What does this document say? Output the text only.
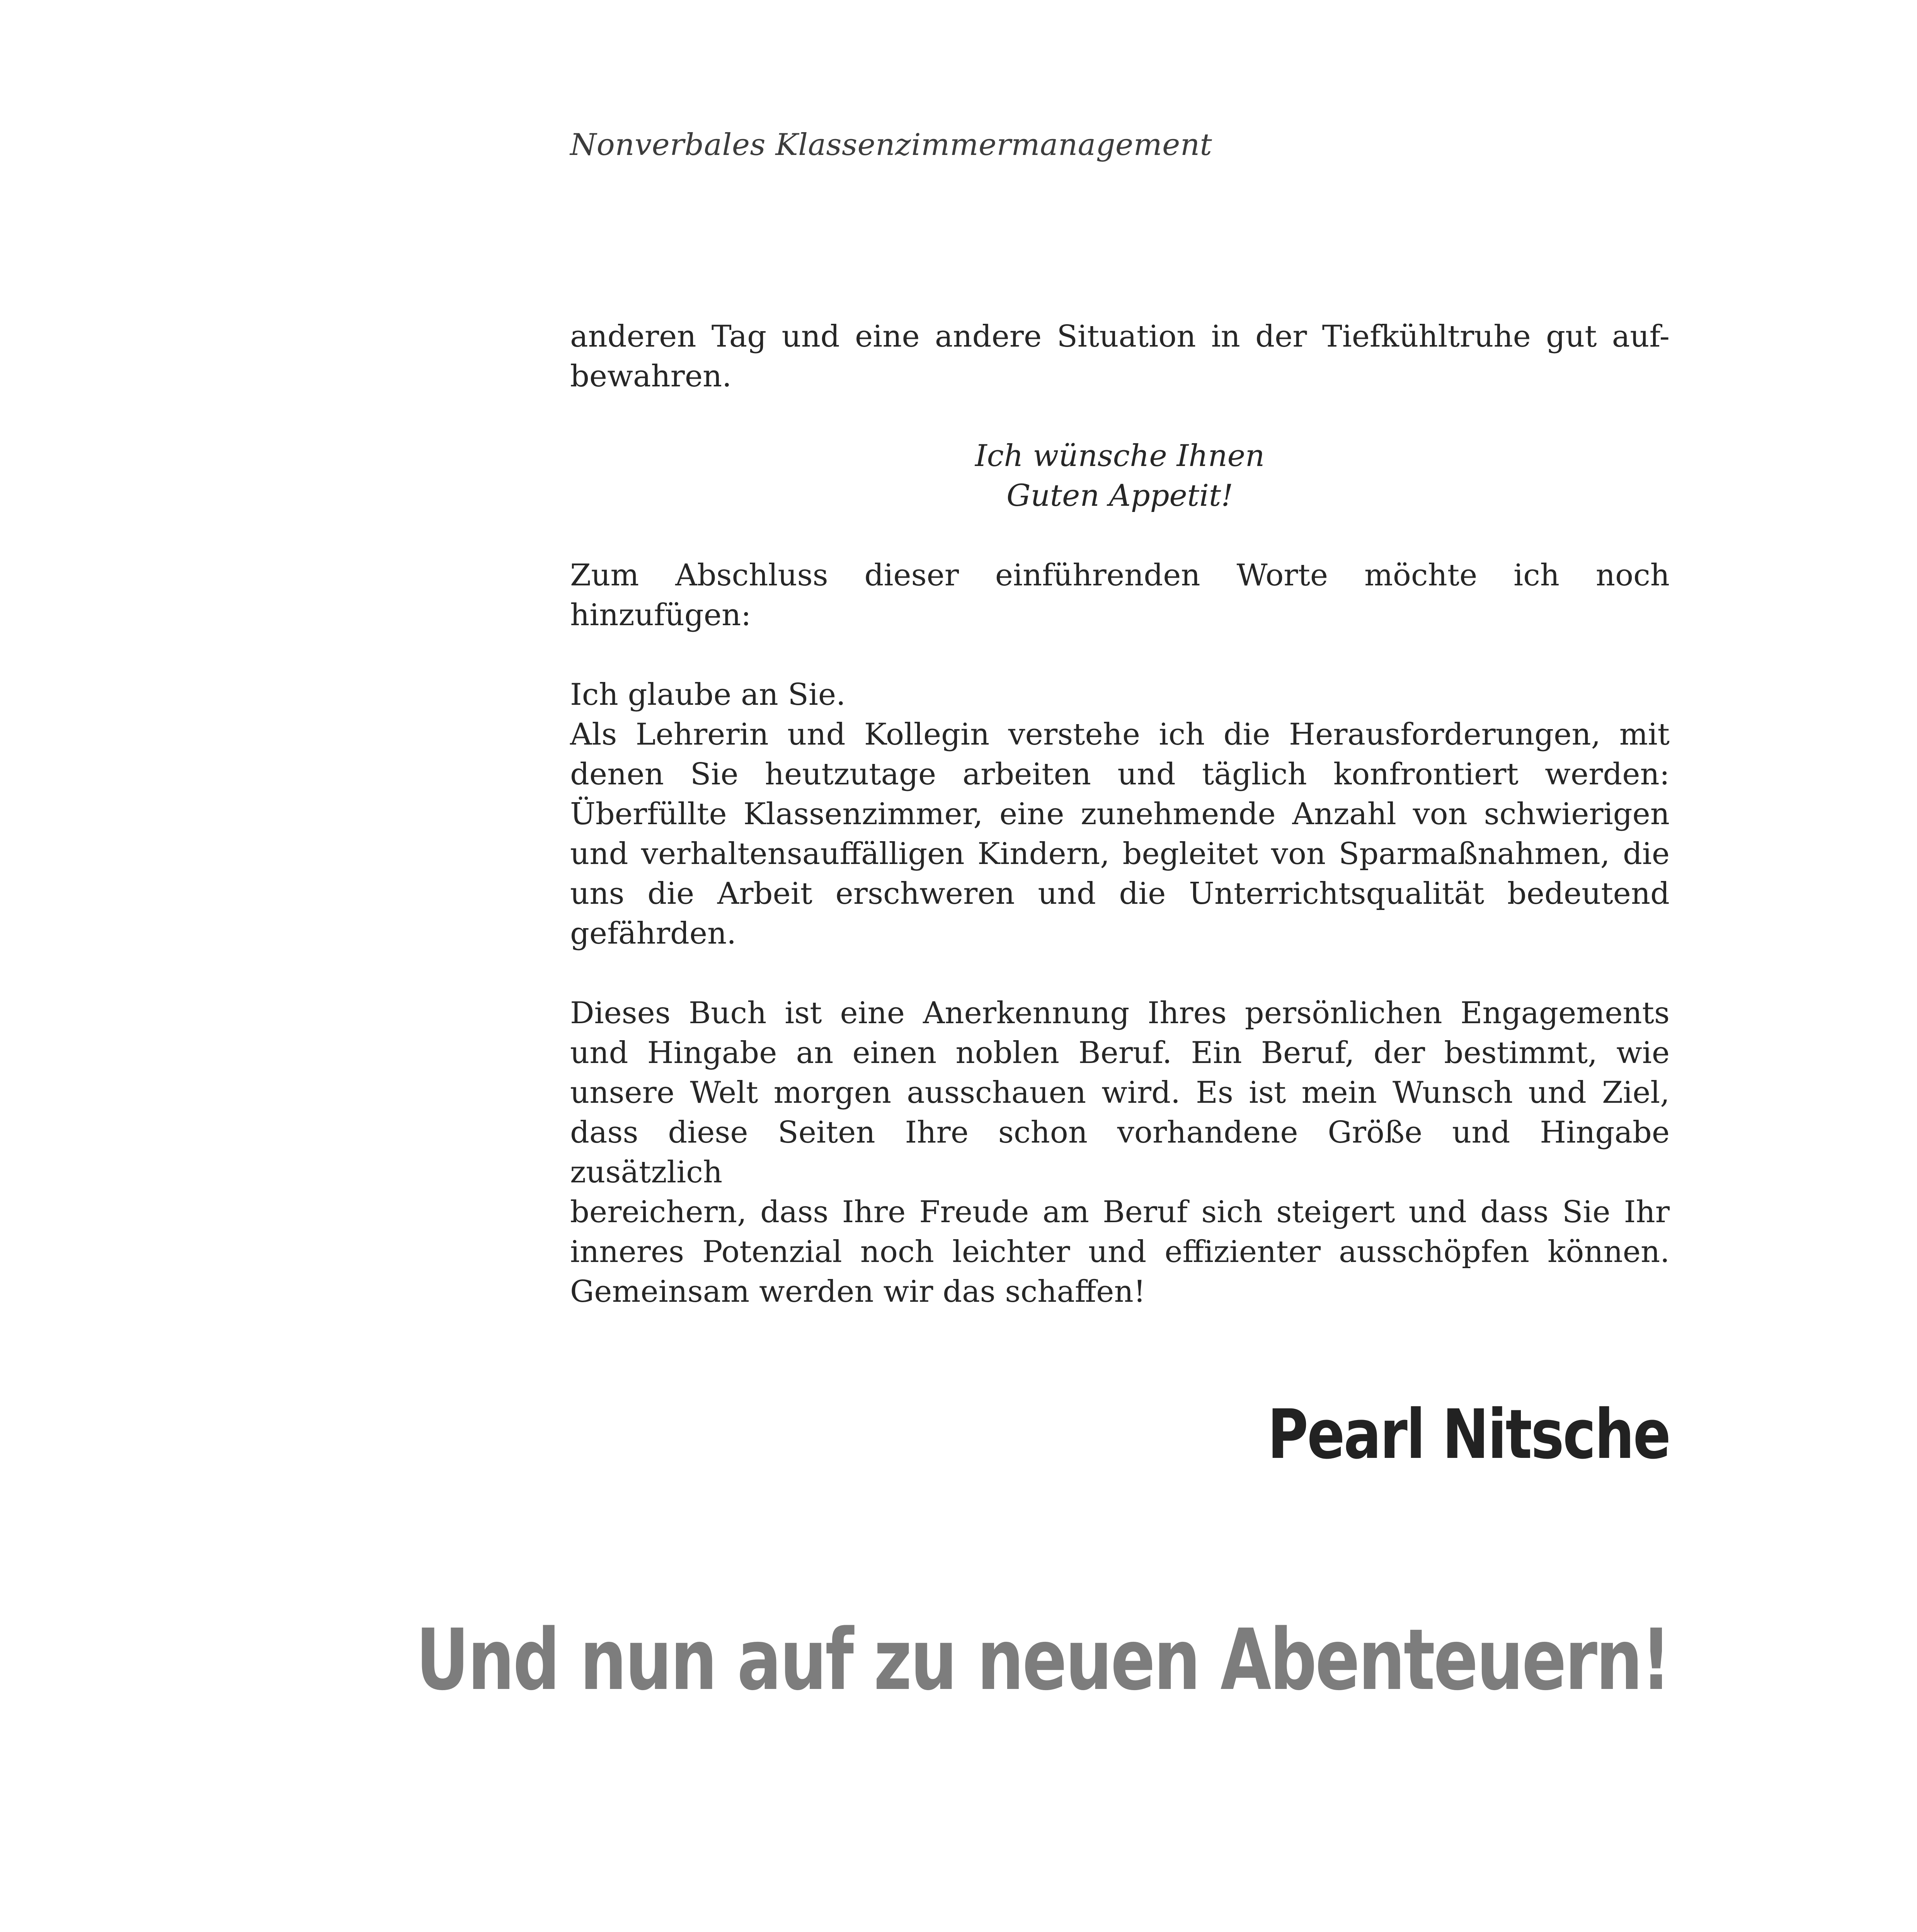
Nonverbales Klassenzimmermanagement

anderen Tag und eine andere Situation in der Tiefkühltruhe gut auf-
bewahren.

Ich wünsche Ihnen
Guten Appetit!

Zum Abschluss dieser einführenden Worte möchte ich noch
hinzufügen:

Ich glaube an Sie.
Als Lehrerin und Kollegin verstehe ich die Herausforderungen, mit
denen Sie heutzutage arbeiten und täglich konfrontiert werden:
Überfüllte Klassenzimmer, eine zunehmende Anzahl von schwierigen
und verhaltensauffälligen Kindern, begleitet von Sparmaßnahmen, die
uns die Arbeit erschweren und die Unterrichtsqualität bedeutend
gefährden.

Dieses Buch ist eine Anerkennung Ihres persönlichen Engagements
und Hingabe an einen noblen Beruf. Ein Beruf, der bestimmt, wie
unsere Welt morgen ausschauen wird. Es ist mein Wunsch und Ziel,
dass diese Seiten Ihre schon vorhandene Größe und Hingabe zusätzlich
bereichern, dass Ihre Freude am Beruf sich steigert und dass Sie Ihr
inneres Potenzial noch leichter und effizienter ausschöpfen können.
Gemeinsam werden wir das schaffen!

Pearl Nitsche
Und nun auf zu neuen Abenteuern!
